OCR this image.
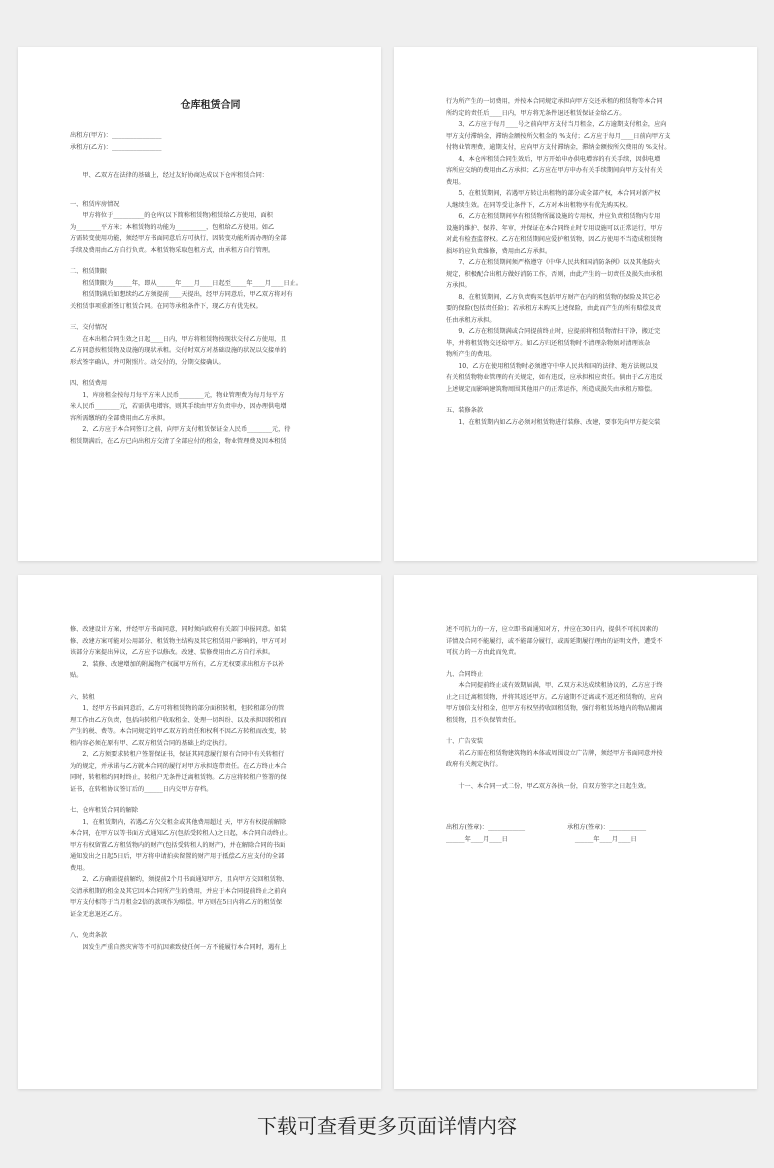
仓库租赁合同
出租方(甲方)：________________
承租方(乙方)：________________
　　甲、乙双方在法律的基础上，经过友好协商达成以下仓库租赁合同：
一、租赁库房情况
　　甲方将位于__________的仓库(以下简称租赁物)租赁给乙方使用，面积
为________平方米；本租赁物的功能为__________，包租给乙方使用。如乙
方需转变使用功能，须经甲方书面同意后方可执行，因转变功能所需办理的全部
手续及费用由乙方自行负责。本租赁物采取包租方式，由承租方自行管理。
二、租赁期限
　　租赁期限为______年，即从______年____月____日起至_____年____月____日止。
　　租赁期满后如想续约乙方须提前____天提出，经甲方同意后，甲乙双方将对有
关租赁事项重新签订租赁合同。在同等承租条件下，现乙方有优先权。
三、交付情况
　　在本出租合同生效之日起____日内，甲方将租赁物按现状交付乙方使用，且
乙方同意按租赁物及设施的现状承租。交付时双方对基础设施的状况以交接单的
形式签字确认，并可附照片。动交付的，分期交接确认。
四、租赁费用
　　1、库房租金按每月每平方米人民币________元，物业管理费为每月每平方
米人民币________元，若需供电增容，则其手续由甲方负责申办，因办理供电增
容所需缴纳的全部费用由乙方承担。
　　2、乙方应于本合同签订之前，向甲方支付租赁保证金人民币________元，待
租赁期满后，在乙方已向出租方交清了全部应付的租金，物业管理费及因本租赁
行为所产生的一切费用，并按本合同规定承担向甲方交还承租的租赁物等本合同
所约定的责任后____日内，甲方将无条件退还租赁保证金给乙方。
　　3、乙方应于每月____号之前向甲方支付当月租金，乙方逾期支付租金，应向
甲方支付滞纳金，滞纳金额按所欠租金的 %支付；乙方应于每月____日前向甲方支
付物业管理费，逾期支付，应向甲方支付滞纳金，滞纳金额按所欠费用的 %支付。
　　4、本仓库租赁合同生效后，甲方开始申办供电增容的有关手续，因供电增
容所应交纳的费用由乙方承担；乙方应在甲方申办有关手续期间向甲方支付有关
费用。
　　5、在租赁期间，若遇甲方转让出租物的部分或全部产权，本合同对新产权
人继续生效。在同等受让条件下，乙方对本出租物享有优先购买权。
　　6、乙方在租赁期间享有租赁物所属设施的专用权，并应负责租赁物内专用
设施的维护、保养、年审，并保证在本合同终止时专用设施可以正常运行，甲方
对此有检查监督权。乙方在租赁期间应爱护租赁物，因乙方使用不当造成租赁物
损坏的应负责维修，费用由乙方承担。
　　7、乙方在租赁期间须严格遵守《中华人民共和国消防条例》以及其他防火
规定，积极配合出租方做好消防工作，否则，由此产生的一切责任及损失由承租
方承担。
　　8、在租赁期间，乙方负责购买包括甲方财产在内的租赁物的保险及其它必
要的保险(包括责任险)；若承租方未购买上述保险，由此而产生的所有赔偿及责
任由承租方承担。
　　9、乙方在租赁期满或合同提前终止时，应提前将租赁物清扫干净，搬迁完
毕，并将租赁物交还给甲方。如乙方归还租赁物时不清理杂物须对清理该杂
物所产生的费用。
　　10、乙方在使用租赁物时必须遵守中华人民共和国的法律、地方法规以及
有关租赁物物业管理的有关规定，如有违反，应承担相应责任。倘由于乙方违反
上述规定而影响建筑物周围其他用户的正常运作，所造成损失由承租方赔偿。
五、装修条款
　　1、在租赁期内如乙方必须对租赁物进行装修、改建，要事先向甲方提交装
修、改建设计方案，并经甲方书面同意，同时须向政府有关部门申报同意。如装
修、改建方案可能对公用部分、租赁物主结构及其它租赁用户影响的，甲方可对
该部分方案提出异议，乙方应予以修改。改建、装修费用由乙方自行承担。
　　2、装修、改建增加的附属物产权属甲方所有，乙方无权要求出租方予以补
贴。
六、转租
　　1、经甲方书面同意后，乙方可将租赁物的部分面积转租，但转租部分的管
理工作由乙方负责，包括向转租户收取租金、处理一切纠纷、以及承担因转租而
产生的税、费等。本合同规定的甲乙双方的责任和权利不因乙方转租而改变，转
租内容必须在原有甲、乙双方租赁合同的基础上约定执行。
　　2、乙方须要求转租户签署保证书，保证其同意履行原有合同中有关转租行
为的规定，并承诺与乙方就本合同的履行对甲方承担连带责任。在乙方终止本合
同时，转租租约同时终止，转租户无条件迁离租赁物。乙方应将转租户签署的保
证书，在转租协议签订后的______日内交甲方存档。
七、仓库租赁合同的解除
　　1、在租赁期内，若遇乙方欠交租金或其他费用超过 天，甲方有权提前解除
本合同，在甲方以等书面方式通知乙方(包括受转租人)之日起，本合同自动终止。
甲方有权留置乙方租赁物内的财产(包括受转租人的财产)，并在解除合同的书面
通知发出之日起5日后，甲方将申请拍卖留置的财产用于抵偿乙方应支付的全部
费用。
　　2、乙方确需提前解约，须提前2个月书面通知甲方，且向甲方交回租赁物、
交清承租期的租金及其它因本合同所产生的费用，并应于本合同提前终止之前向
甲方支付相等于当月租金2倍的款项作为赔偿。甲方则在5日内将乙方的租赁保
证金无息退还乙方。
八、免责条款
　　因发生严重自然灾害等不可抗因素致使任何一方不能履行本合同时，遇有上
述不可抗力的一方，应立即书面通知对方，并应在30日内，提供不可抗因素的
详情及合同不能履行，或不能部分履行，或需延期履行理由的证明文件，遭受不
可抗力的一方由此而免责。
九、合同终止
　　本合同提前终止或有效期届满，甲、乙双方未达成续租协议的，乙方应于终
止之日迁离租赁物，并将其返还甲方。乙方逾期不迁离或不返还租赁物的，应向
甲方加倍支付租金，但甲方有权坚持收回租赁物，强行将租赁场地内的物品搬离
租赁物，且不负保管责任。
十、广告安装
　　若乙方需在租赁物建筑物的本体或周围设立广告牌，须经甲方书面同意并按
政府有关规定执行。
　　十一、本合同一式二份，甲乙双方各执一份，自双方签字之日起生效。
出租方(签章)：____________	承租方(签章)：____________
______年____月____日	______年____月____日
下载可查看更多页面详情内容
